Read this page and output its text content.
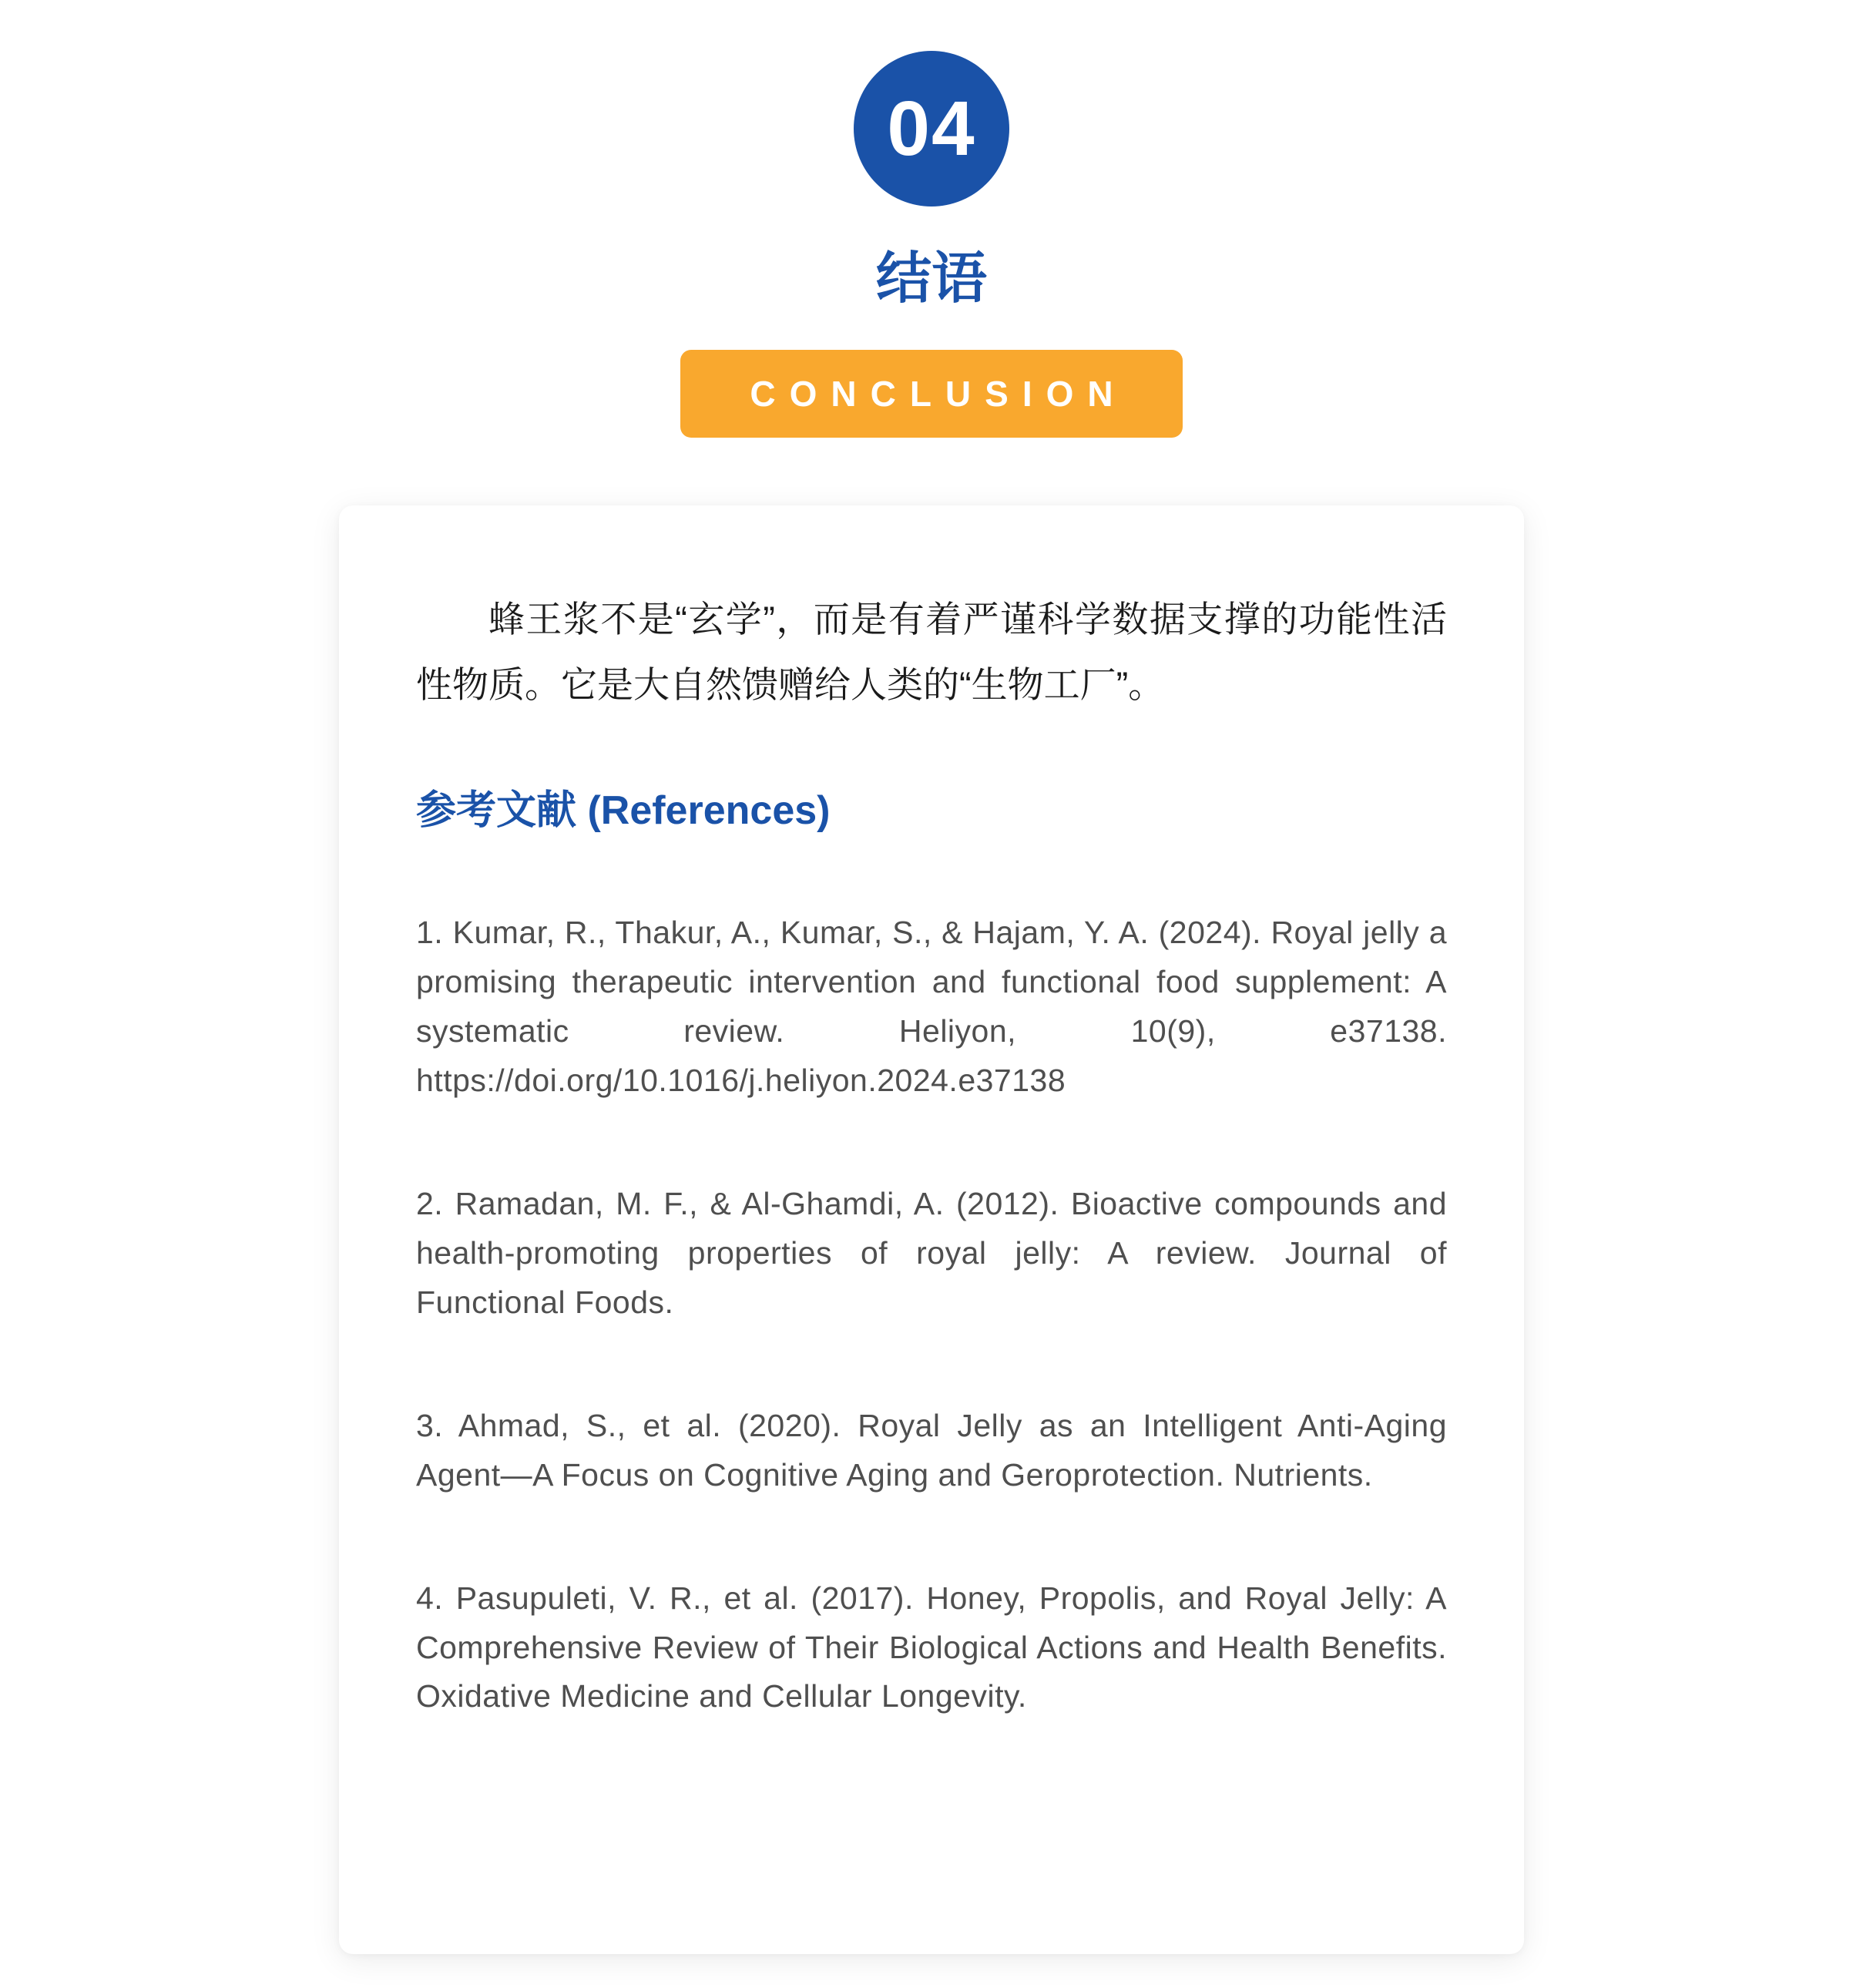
04
结语
CONCLUSION

蜂王浆不是“玄学”，而是有着严谨科学数据支撑的功能性活性物质。它是大自然馈赠给人类的“生物工厂”。

参考文献 (References)

1. Kumar, R., Thakur, A., Kumar, S., & Hajam, Y. A. (2024). Royal jelly a promising therapeutic intervention and functional food supplement: A systematic review. Heliyon, 10(9), e37138. https://doi.org/10.1016/j.heliyon.2024.e37138

2. Ramadan, M. F., & Al-Ghamdi, A. (2012). Bioactive compounds and health-promoting properties of royal jelly: A review. Journal of Functional Foods.

3. Ahmad, S., et al. (2020). Royal Jelly as an Intelligent Anti-Aging Agent—A Focus on Cognitive Aging and Geroprotection. Nutrients.

4. Pasupuleti, V. R., et al. (2017). Honey, Propolis, and Royal Jelly: A Comprehensive Review of Their Biological Actions and Health Benefits. Oxidative Medicine and Cellular Longevity.
